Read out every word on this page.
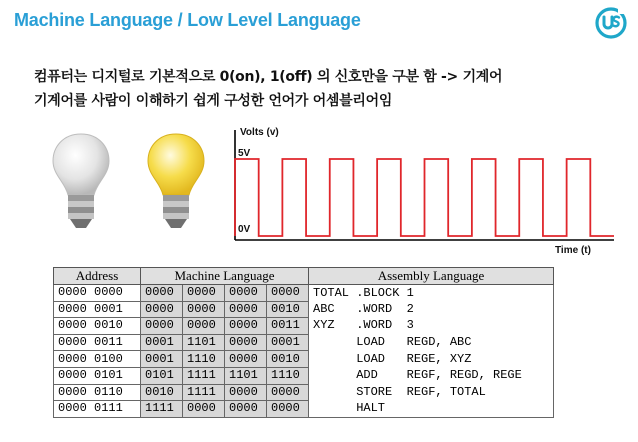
Machine Language / Low Level Language
컴퓨터는 디지털로 기본적으로 0(on), 1(off) 의 신호만을 구분 함 -> 기계어
기계어를 사람이 이해하기 쉽게 구성한 언어가 어셈블리어임
Volts (v)
5V
0V
Time (t)
Address	Machine Language				Assembly Language
0000 0000	0000	0000	0000	0000	TOTAL .BLOCK 1
0000 0001	0000	0000	0000	0010	ABC   .WORD  2
0000 0010	0000	0000	0000	0011	XYZ   .WORD  3
0000 0011	0001	1101	0000	0001	LOAD   REGD, ABC
0000 0100	0001	1110	0000	0010	LOAD   REGE, XYZ
0000 0101	0101	1111	1101	1110	ADD    REGF, REGD, REGE
0000 0110	0010	1111	0000	0000	STORE  REGF, TOTAL
0000 0111	1111	0000	0000	0000	HALT
